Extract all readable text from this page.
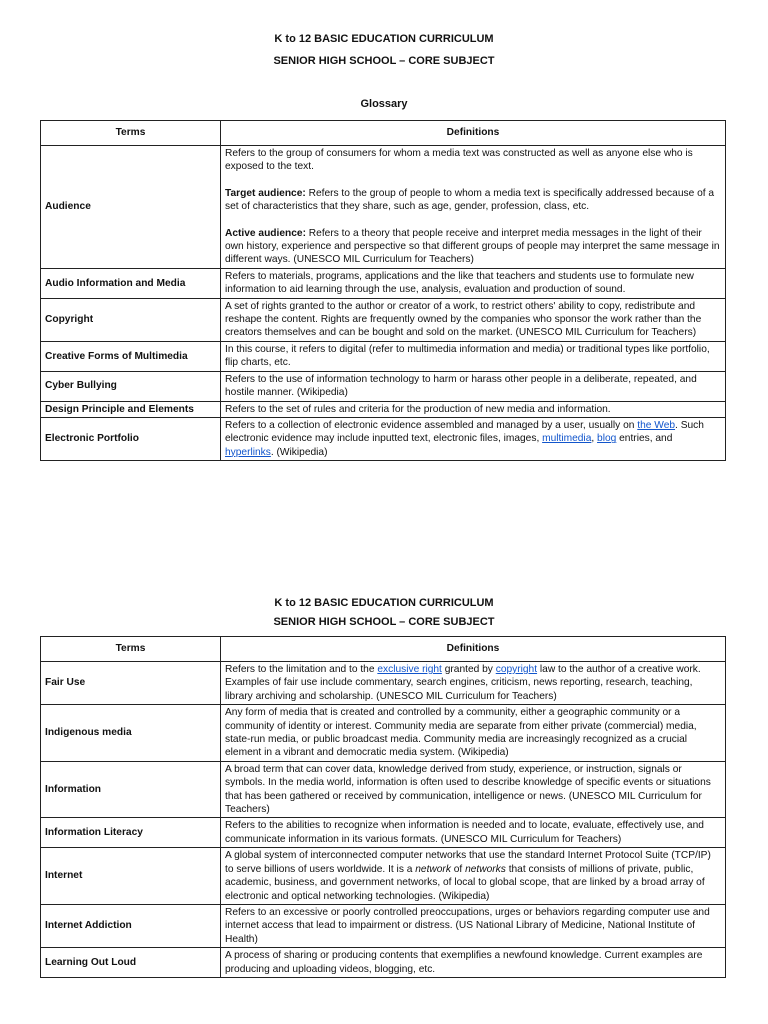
K to 12 BASIC EDUCATION CURRICULUM
SENIOR HIGH SCHOOL – CORE SUBJECT
Glossary
Terms	Definitions
Audience	Refers to the group of consumers for whom a media text was constructed as well as anyone else who is exposed to the text.
Target audience: Refers to the group of people to whom a media text is specifically addressed because of a set of characteristics that they share, such as age, gender, profession, class, etc.
Active audience: Refers to a theory that people receive and interpret media messages in the light of their own history, experience and perspective so that different groups of people may interpret the same message in different ways. (UNESCO MIL Curriculum for Teachers)

Audio Information and Media	Refers to materials, programs, applications and the like that teachers and students use to formulate new information to aid learning through the use, analysis, evaluation and production of sound.
Copyright	A set of rights granted to the author or creator of a work, to restrict others' ability to copy, redistribute and reshape the content. Rights are frequently owned by the companies who sponsor the work rather than the creators themselves and can be bought and sold on the market. (UNESCO MIL Curriculum for Teachers)
Creative Forms of Multimedia	In this course, it refers to digital (refer to multimedia information and media) or traditional types like portfolio, flip charts, etc.
Cyber Bullying	Refers to the use of information technology to harm or harass other people in a deliberate, repeated, and hostile manner. (Wikipedia)
Design Principle and Elements	Refers to the set of rules and criteria for the production of new media and information.
Electronic Portfolio	Refers to a collection of electronic evidence assembled and managed by a user, usually on the Web. Such electronic evidence may include inputted text, electronic files, images, multimedia, blog entries, and hyperlinks. (Wikipedia)
K to 12 BASIC EDUCATION CURRICULUM
SENIOR HIGH SCHOOL – CORE SUBJECT
Terms	Definitions
Fair Use	Refers to the limitation and to the exclusive right granted by copyright law to the author of a creative work. Examples of fair use include commentary, search engines, criticism, news reporting, research, teaching, library archiving and scholarship. (UNESCO MIL Curriculum for Teachers)
Indigenous media	Any form of media that is created and controlled by a community, either a geographic community or a community of identity or interest. Community media are separate from either private (commercial) media, state-run media, or public broadcast media. Community media are increasingly recognized as a crucial element in a vibrant and democratic media system. (Wikipedia)
Information	A broad term that can cover data, knowledge derived from study, experience, or instruction, signals or symbols. In the media world, information is often used to describe knowledge of specific events or situations that has been gathered or received by communication, intelligence or news. (UNESCO MIL Curriculum for Teachers)
Information Literacy	Refers to the abilities to recognize when information is needed and to locate, evaluate, effectively use, and communicate information in its various formats. (UNESCO MIL Curriculum for Teachers)
Internet	A global system of interconnected computer networks that use the standard Internet Protocol Suite (TCP/IP) to serve billions of users worldwide. It is a network of networks that consists of millions of private, public, academic, business, and government networks, of local to global scope, that are linked by a broad array of electronic and optical networking technologies. (Wikipedia)
Internet Addiction	Refers to an excessive or poorly controlled preoccupations, urges or behaviors regarding computer use and internet access that lead to impairment or distress. (US National Library of Medicine, National Institute of Health)
Learning Out Loud	A process of sharing or producing contents that exemplifies a newfound knowledge. Current examples are producing and uploading videos, blogging, etc.
